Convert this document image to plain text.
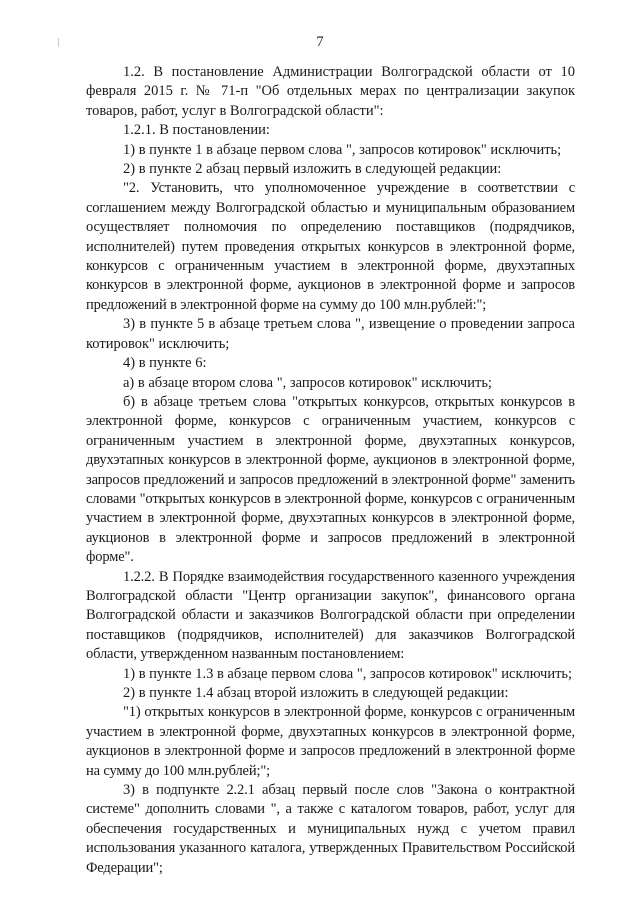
7

1.2. В постановление Администрации Волгоградской области от 10 февраля 2015 г. № 71-п "Об отдельных мерах по централизации закупок товаров, работ, услуг в Волгоградской области":

1.2.1. В постановлении:

1) в пункте 1 в абзаце первом слова ", запросов котировок" исключить;

2) в пункте 2 абзац первый изложить в следующей редакции:

"2. Установить, что уполномоченное учреждение в соответствии с соглашением между Волгоградской областью и муниципальным образованием осуществляет полномочия по определению поставщиков (подрядчиков, исполнителей) путем проведения открытых конкурсов в электронной форме, конкурсов с ограниченным участием в электронной форме, двухэтапных конкурсов в электронной форме, аукционов в электронной форме и запросов предложений в электронной форме на сумму до 100 млн.рублей:";

3) в пункте 5 в абзаце третьем слова ", извещение о проведении запроса котировок" исключить;

4) в пункте 6:

а) в абзаце втором слова ", запросов котировок" исключить;

б) в абзаце третьем слова "открытых конкурсов, открытых конкурсов в электронной форме, конкурсов с ограниченным участием, конкурсов с ограниченным участием в электронной форме, двухэтапных конкурсов, двухэтапных конкурсов в электронной форме, аукционов в электронной форме, запросов предложений и запросов предложений в электронной форме" заменить словами "открытых конкурсов в электронной форме, конкурсов с ограниченным участием в электронной форме, двухэтапных конкурсов в электронной форме, аукционов в электронной форме и запросов предложений в электронной форме".

1.2.2. В Порядке взаимодействия государственного казенного учреждения Волгоградской области "Центр организации закупок", финансового органа Волгоградской области и заказчиков Волгоградской области при определении поставщиков (подрядчиков, исполнителей) для заказчиков Волгоградской области, утвержденном названным постановлением:

1) в пункте 1.3 в абзаце первом слова ", запросов котировок" исключить;

2) в пункте 1.4 абзац второй изложить в следующей редакции:

"1) открытых конкурсов в электронной форме, конкурсов с ограниченным участием в электронной форме, двухэтапных конкурсов в электронной форме, аукционов в электронной форме и запросов предложений в электронной форме на сумму до 100 млн.рублей;";

3) в подпункте 2.2.1 абзац первый после слов "Закона о контрактной системе" дополнить словами ", а также с каталогом товаров, работ, услуг для обеспечения государственных и муниципальных нужд с учетом правил использования указанного каталога, утвержденных Правительством Российской Федерации";
